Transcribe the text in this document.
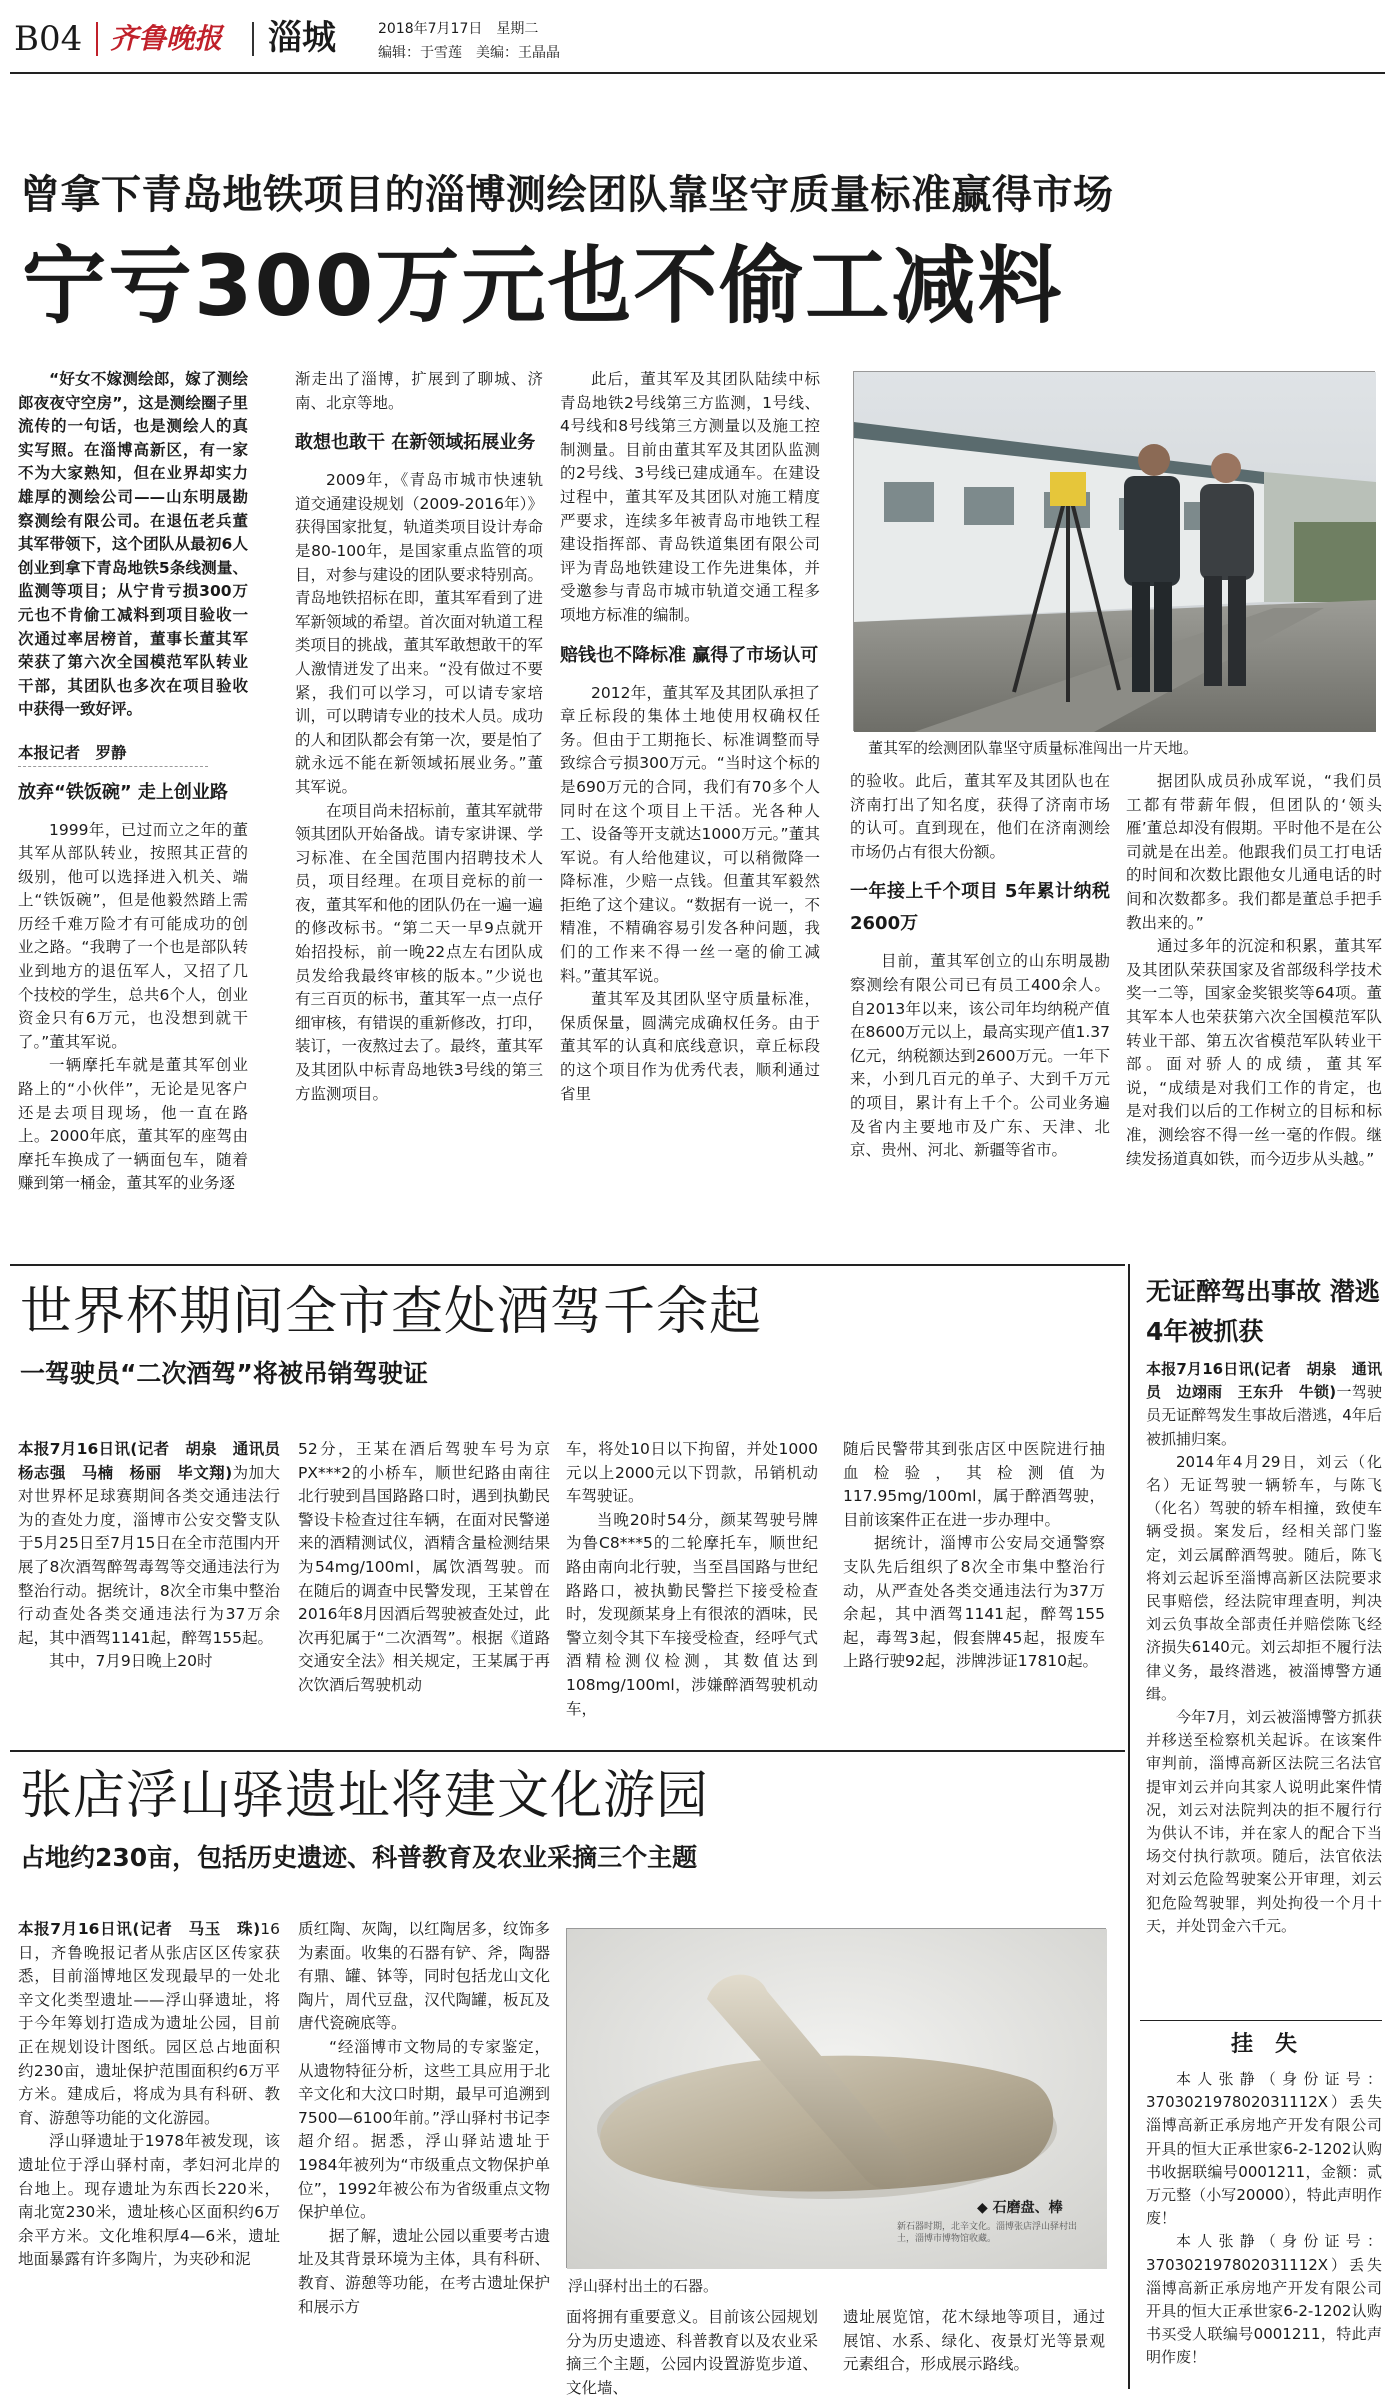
B04 齐鲁晚报 淄城	2018年7月17日　星期二
编辑：于雪莲　美编：王晶晶
曾拿下青岛地铁项目的淄博测绘团队靠坚守质量标准赢得市场
宁亏300万元也不偷工减料

“好女不嫁测绘郎，嫁了测绘郎夜夜守空房”，这是测绘圈子里流传的一句话，也是测绘人的真实写照。在淄博高新区，有一家不为大家熟知，但在业界却实力雄厚的测绘公司——山东明晟勘察测绘有限公司。在退伍老兵董其军带领下，这个团队从最初6人创业到拿下青岛地铁5条线测量、监测等项目；从宁肯亏损300万元也不肯偷工减料到项目验收一次通过率居榜首，董事长董其军荣获了第六次全国模范军队转业干部，其团队也多次在项目验收中获得一致好评。

本报记者　罗静

放弃“铁饭碗” 走上创业路

1999年，已过而立之年的董其军从部队转业，按照其正营的级别，他可以选择进入机关、端上“铁饭碗”，但是他毅然踏上需历经千难万险才有可能成功的创业之路。“我聘了一个也是部队转业到地方的退伍军人，又招了几个技校的学生，总共6个人，创业资金只有6万元，也没想到就干了。”董其军说。

一辆摩托车就是董其军创业路上的“小伙伴”，无论是见客户还是去项目现场，他一直在路上。2000年底，董其军的座驾由摩托车换成了一辆面包车，随着赚到第一桶金，董其军的业务逐

渐走出了淄博，扩展到了聊城、济南、北京等地。

敢想也敢干 在新领域拓展业务

2009年，《青岛市城市快速轨道交通建设规划（2009-2016年）》获得国家批复，轨道类项目设计寿命是80-100年，是国家重点监管的项目，对参与建设的团队要求特别高。青岛地铁招标在即，董其军看到了进军新领域的希望。首次面对轨道工程类项目的挑战，董其军敢想敢干的军人激情迸发了出来。“没有做过不要紧，我们可以学习，可以请专家培训，可以聘请专业的技术人员。成功的人和团队都会有第一次，要是怕了就永远不能在新领域拓展业务。”董其军说。

在项目尚未招标前，董其军就带领其团队开始备战。请专家讲课、学习标准、在全国范围内招聘技术人员，项目经理。在项目竞标的前一夜，董其军和他的团队仍在一遍一遍的修改标书。“第二天一早9点就开始招投标，前一晚22点左右团队成员发给我最终审核的版本。”少说也有三百页的标书，董其军一点一点仔细审核，有错误的重新修改，打印，装订，一夜熬过去了。最终，董其军及其团队中标青岛地铁3号线的第三方监测项目。

此后，董其军及其团队陆续中标青岛地铁2号线第三方监测，1号线、4号线和8号线第三方测量以及施工控制测量。目前由董其军及其团队监测的2号线、3号线已建成通车。在建设过程中，董其军及其团队对施工精度严要求，连续多年被青岛市地铁工程建设指挥部、青岛铁道集团有限公司评为青岛地铁建设工作先进集体，并受邀参与青岛市城市轨道交通工程多项地方标准的编制。

赔钱也不降标准 赢得了市场认可

2012年，董其军及其团队承担了章丘标段的集体土地使用权确权任务。但由于工期拖长、标准调整而导致综合亏损300万元。“当时这个标的是690万元的合同，我们有70多个人同时在这个项目上干活。光各种人工、设备等开支就达1000万元。”董其军说。有人给他建议，可以稍微降一降标准，少赔一点钱。但董其军毅然拒绝了这个建议。“数据有一说一，不精准，不精确容易引发各种问题，我们的工作来不得一丝一毫的偷工减料。”董其军说。

董其军及其团队坚守质量标准，保质保量，圆满完成确权任务。由于董其军的认真和底线意识，章丘标段的这个项目作为优秀代表，顺利通过省里

董其军的绘测团队靠坚守质量标准闯出一片天地。

的验收。此后，董其军及其团队也在济南打出了知名度，获得了济南市场的认可。直到现在，他们在济南测绘市场仍占有很大份额。

一年接上千个项目 5年累计纳税2600万

目前，董其军创立的山东明晟勘察测绘有限公司已有员工400余人。自2013年以来，该公司年均纳税产值在8600万元以上，最高实现产值1.37亿元，纳税额达到2600万元。一年下来，小到几百元的单子、大到千万元的项目，累计有上千个。公司业务遍及省内主要地市及广东、天津、北京、贵州、河北、新疆等省市。

据团队成员孙成军说，“我们员工都有带薪年假，但团队的‘领头雁’董总却没有假期。平时他不是在公司就是在出差。他跟我们员工打电话的时间和次数比跟他女儿通电话的时间和次数都多。我们都是董总手把手教出来的。”

通过多年的沉淀和积累，董其军及其团队荣获国家及省部级科学技术奖一二等，国家金奖银奖等64项。董其军本人也荣获第六次全国模范军队转业干部、第五次省模范军队转业干部。面对骄人的成绩，董其军说，“成绩是对我们工作的肯定，也是对我们以后的工作树立的目标和标准，测绘容不得一丝一毫的作假。继续发扬道真如铁，而今迈步从头越。”

世界杯期间全市查处酒驾千余起
一驾驶员“二次酒驾”将被吊销驾驶证

本报7月16日讯(记者　胡泉　通讯员　杨志强　马楠　杨丽　毕文翔)为加大对世界杯足球赛期间各类交通违法行为的查处力度，淄博市公安交警支队于5月25日至7月15日在全市范围内开展了8次酒驾醉驾毒驾等交通违法行为整治行动。据统计，8次全市集中整治行动查处各类交通违法行为37万余起，其中酒驾1141起，醉驾155起。

其中，7月9日晚上20时

52分，王某在酒后驾驶车号为京PX***2的小桥车，顺世纪路由南往北行驶到昌国路路口时，遇到执勤民警设卡检查过往车辆，在面对民警递来的酒精测试仪，酒精含量检测结果为54mg/100ml，属饮酒驾驶。而在随后的调查中民警发现，王某曾在2016年8月因酒后驾驶被查处过，此次再犯属于“二次酒驾”。根据《道路交通安全法》相关规定，王某属于再次饮酒后驾驶机动

车，将处10日以下拘留，并处1000元以上2000元以下罚款，吊销机动车驾驶证。

当晚20时54分，颜某驾驶号牌为鲁C8***5的二轮摩托车，顺世纪路由南向北行驶，当至昌国路与世纪路路口，被执勤民警拦下接受检查时，发现颜某身上有很浓的酒味，民警立刻令其下车接受检查，经呼气式酒精检测仪检测，其数值达到108mg/100ml，涉嫌醉酒驾驶机动车，

随后民警带其到张店区中医院进行抽血检验，其检测值为117.95mg/100ml，属于醉酒驾驶，目前该案件正在进一步办理中。

据统计，淄博市公安局交通警察支队先后组织了8次全市集中整治行动，从严查处各类交通违法行为37万余起，其中酒驾1141起，醉驾155起，毒驾3起，假套牌45起，报废车上路行驶92起，涉牌涉证17810起。

无证醉驾出事故 潜逃4年被抓获

本报7月16日讯(记者　胡泉　通讯员　边翊雨　王东升　牛锁)一驾驶员无证醉驾发生事故后潜逃，4年后被抓捕归案。

2014年4月29日，刘云（化名）无证驾驶一辆轿车，与陈飞（化名）驾驶的轿车相撞，致使车辆受损。案发后，经相关部门鉴定，刘云属醉酒驾驶。随后，陈飞将刘云起诉至淄博高新区法院要求民事赔偿，经法院审理查明，判决刘云负事故全部责任并赔偿陈飞经济损失6140元。刘云却拒不履行法律义务，最终潜逃，被淄博警方通缉。

今年7月，刘云被淄博警方抓获并移送至检察机关起诉。在该案件审判前，淄博高新区法院三名法官提审刘云并向其家人说明此案件情况，刘云对法院判决的拒不履行行为供认不讳，并在家人的配合下当场交付执行款项。随后，法官依法对刘云危险驾驶案公开审理，刘云犯危险驾驶罪，判处拘役一个月十天，并处罚金六千元。

挂　失

本人张静（身份证号：370302197802031112X）丢失淄博高新正承房地产开发有限公司开具的恒大正承世家6-2-1202认购书收据联编号0001211，金额：贰万元整（小写20000），特此声明作废！

本人张静（身份证号：370302197802031112X）丢失淄博高新正承房地产开发有限公司开具的恒大正承世家6-2-1202认购书买受人联编号0001211，特此声明作废！

张店浮山驿遗址将建文化游园
占地约230亩，包括历史遗迹、科普教育及农业采摘三个主题

本报7月16日讯(记者　马玉　珠)16日，齐鲁晚报记者从张店区区传家获悉，目前淄博地区发现最早的一处北辛文化类型遗址——浮山驿遗址，将于今年筹划打造成为遗址公园，目前正在规划设计图纸。园区总占地面积约230亩，遗址保护范围面积约6万平方米。建成后，将成为具有科研、教育、游憩等功能的文化游园。

浮山驿遗址于1978年被发现，该遗址位于浮山驿村南，孝妇河北岸的台地上。现存遗址为东西长220米，南北宽230米，遗址核心区面积约6万余平方米。文化堆积厚4—6米，遗址地面暴露有许多陶片，为夹砂和泥

质红陶、灰陶，以红陶居多，纹饰多为素面。收集的石器有铲、斧，陶器有鼎、罐、钵等，同时包括龙山文化陶片，周代豆盘，汉代陶罐，板瓦及唐代瓷碗底等。

“经淄博市文物局的专家鉴定，从遗物特征分析，这些工具应用于北辛文化和大汶口时期，最早可追溯到7500—6100年前。”浮山驿村书记李超介绍。据悉，浮山驿站遗址于1984年被列为“市级重点文物保护单位”，1992年被公布为省级重点文物保护单位。

据了解，遗址公园以重要考古遗址及其背景环境为主体，具有科研、教育、游憩等功能，在考古遗址保护和展示方

◆ 石磨盘、棒
新石器时期，北辛文化。淄博张店浮山驿村出土，淄博市博物馆收藏。

浮山驿村出土的石器。

面将拥有重要意义。目前该公园规划分为历史遗迹、科普教育以及农业采摘三个主题，公园内设置游览步道、文化墙、

遗址展览馆，花木绿地等项目，通过展馆、水系、绿化、夜景灯光等景观元素组合，形成展示路线。
